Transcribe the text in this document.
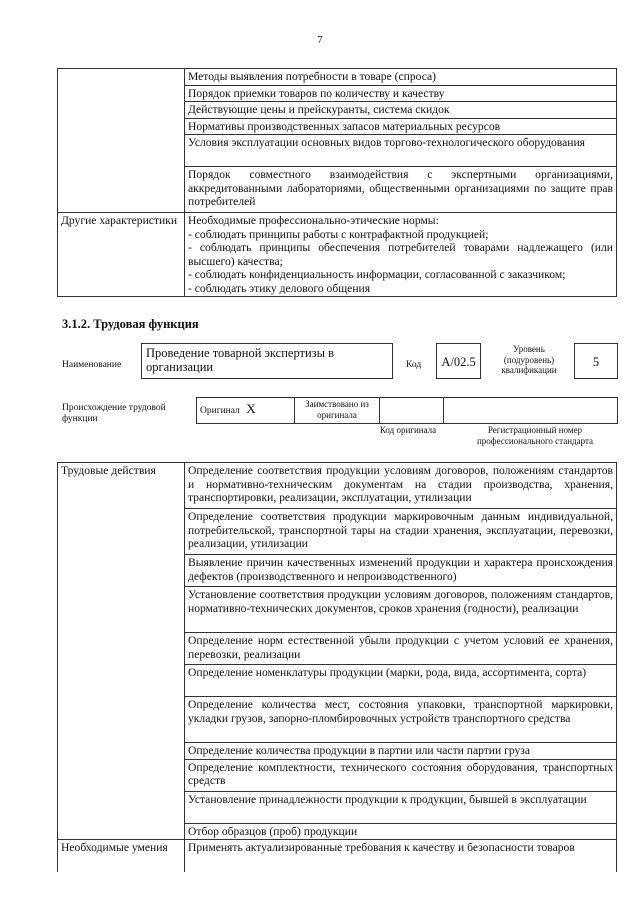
7
	Методы выявления потребности в товаре (спроса)
	Порядок приемки товаров по количеству и качеству
	Действующие цены и прейскуранты, система скидок
	Нормативы производственных запасов материальных ресурсов
	Условия эксплуатации основных видов торгово-технологического оборудования
	Порядок совместного взаимодействия с экспертными организациями, аккредитованными лабораториями, общественными организациями по защите прав потребителей
Другие характеристики	Необходимые профессионально-этические нормы:
- соблюдать принципы работы с контрафактной продукцией;
- соблюдать принципы обеспечения потребителей товарами надлежащего (или высшего) качества;
- соблюдать конфиденциальность информации, согласованной с заказчиком;
- соблюдать этику делового общения
3.1.2. Трудовая функция
Наименование
Проведение товарной экспертизы в организации	Код	A/02.5
Уровень (подуровень) квалификации
5
Происхождение трудовой функции
Оригинал X	Заимствовано из оригинала		
Код оригинала	Регистрационный номер профессионального стандарта
Трудовые действия	Определение соответствия продукции условиям договоров, положениям стандартов и нормативно-техническим документам на стадии производства, хранения, транспортировки, реализации, эксплуатации, утилизации
	Определение соответствия продукции маркировочным данным индивидуальной, потребительской, транспортной тары на стадии хранения, эксплуатации, перевозки, реализации, утилизации
	Выявление причин качественных изменений продукции и характера происхождения дефектов (производственного и непроизводственного)
	Установление соответствия продукции условиям договоров, положениям стандартов, нормативно-технических документов, сроков хранения (годности), реализации
	Определение норм естественной убыли продукции с учетом условий ее хранения, перевозки, реализации
	Определение номенклатуры продукции (марки, рода, вида, ассортимента, сорта)
	Определение количества мест, состояния упаковки, транспортной маркировки, укладки грузов, запорно-пломбировочных устройств транспортного средства
	Определение количества продукции в партии или части партии груза
	Определение комплектности, технического состояния оборудования, транспортных средств
	Установление принадлежности продукции к продукции, бывшей в эксплуатации
	Отбор образцов (проб) продукции
Необходимые умения	Применять актуализированные требования к качеству и безопасности товаров
